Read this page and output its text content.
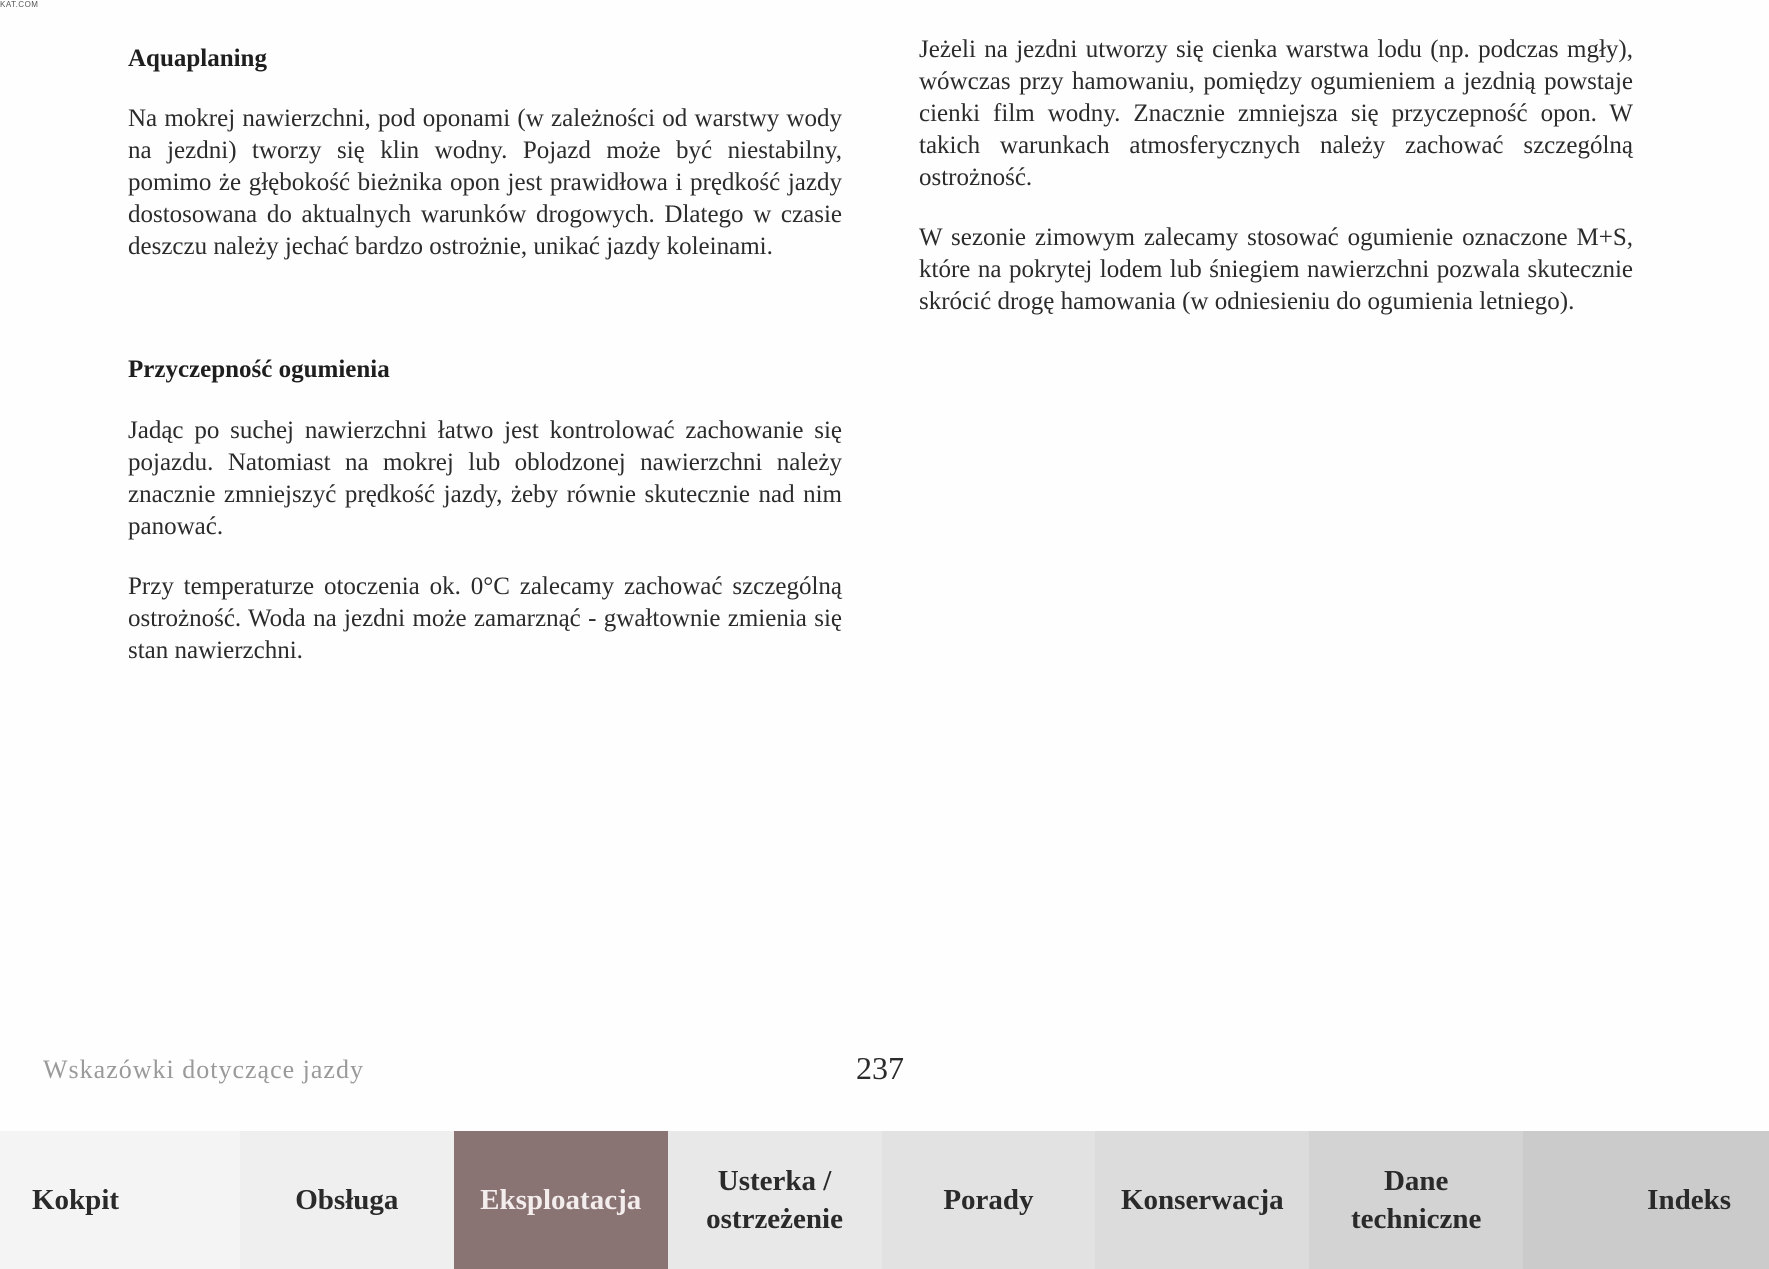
KAT.COM
Aquaplaning

Na mokrej nawierzchni, pod oponami (w zależności od warstwy wody na jezdni) tworzy się klin wodny. Pojazd może być niestabilny, pomimo że głębokość bieżnika opon jest prawidłowa i prędkość jazdy dostosowana do aktualnych warunków drogowych. Dlatego w czasie deszczu należy jechać bardzo ostrożnie, unikać jazdy koleinami.

Przyczepność ogumienia

Jadąc po suchej nawierzchni łatwo jest kontrolować zachowanie się pojazdu. Natomiast na mokrej lub oblodzonej nawierzchni należy znacznie zmniejszyć prędkość jazdy, żeby równie skutecznie nad nim panować.

Przy temperaturze otoczenia ok. 0°C zalecamy zachować szczególną ostrożność. Woda na jezdni może zamarznąć - gwałtownie zmienia się stan nawierzchni.

Jeżeli na jezdni utworzy się cienka warstwa lodu (np. podczas mgły), wówczas przy hamowaniu, pomiędzy ogumieniem a jezdnią powstaje cienki film wodny. Znacznie zmniejsza się przyczepność opon. W takich warunkach atmosferycznych należy zachować szczególną ostrożność.

W sezonie zimowym zalecamy stosować ogumienie oznaczone M+S, które na pokrytej lodem lub śniegiem nawierzchni pozwala skutecznie skrócić drogę hamowania (w odniesieniu do ogumienia letniego).

Wskazówki dotyczące jazdy	237
Kokpit	Obsługa	Eksploatacja
Usterka /
ostrzeżenie
Porady	Konserwacja
Dane
techniczne
Indeks
